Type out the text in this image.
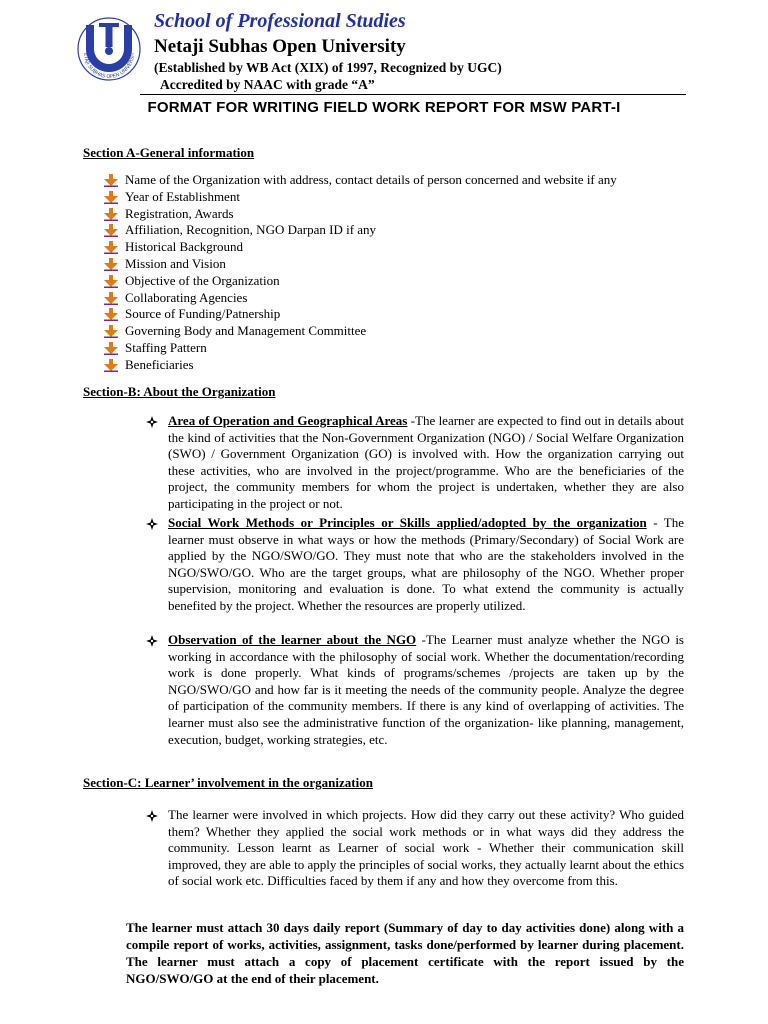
ETAJI SUBHAS OPEN UNIVERSIT
School of Professional Studies
Netaji Subhas Open University
(Established by WB Act (XIX) of 1997, Recognized by UGC)
Accredited by NAAC with grade “A”
FORMAT FOR WRITING FIELD WORK REPORT FOR MSW PART-I
Section A-General information
Name of the Organization with address, contact details of person concerned and website if any
Year of Establishment
Registration, Awards
Affiliation, Recognition, NGO Darpan ID if any
Historical Background
Mission and Vision
Objective of the Organization
Collaborating Agencies
Source of Funding/Patnership
Governing Body and Management Committee
Staffing Pattern
Beneficiaries
Section-B: About the Organization
Area of Operation and Geographical Areas -The learner are expected to find out in details about the kind of activities that the Non-Government Organization (NGO) / Social Welfare Organization (SWO) / Government Organization (GO) is involved with. How the organization carrying out these activities, who are involved in the project/programme. Who are the beneficiaries of the project, the community members for whom the project is undertaken, whether they are also participating in the project or not.
Social Work Methods or Principles or Skills applied/adopted by the organization - The learner must observe in what ways or how the methods (Primary/Secondary) of Social Work are applied by the NGO/SWO/GO. They must note that who are the stakeholders involved in the NGO/SWO/GO. Who are the target groups, what are philosophy of the NGO. Whether proper supervision, monitoring and evaluation is done. To what extend the community is actually benefited by the project. Whether the resources are properly utilized.
Observation of the learner about the NGO -The Learner must analyze whether the NGO is working in accordance with the philosophy of social work. Whether the documentation/recording work is done properly. What kinds of programs/schemes /projects are taken up by the NGO/SWO/GO and how far is it meeting the needs of the community people. Analyze the degree of participation of the community members. If there is any kind of overlapping of activities. The learner must also see the administrative function of the organization- like planning, management, execution, budget, working strategies, etc.
Section-C: Learner’ involvement in the organization
The learner were involved in which projects. How did they carry out these activity? Who guided them? Whether they applied the social work methods or in what ways did they address the community. Lesson learnt as Learner of social work - Whether their communication skill improved, they are able to apply the principles of social works, they actually learnt about the ethics of social work etc. Difficulties faced by them if any and how they overcome from this.
The learner must attach 30 days daily report (Summary of day to day activities done) along with a compile report of works, activities, assignment, tasks done/performed by learner during placement. The learner must attach a copy of placement certificate with the report issued by the NGO/SWO/GO at the end of their placement.
